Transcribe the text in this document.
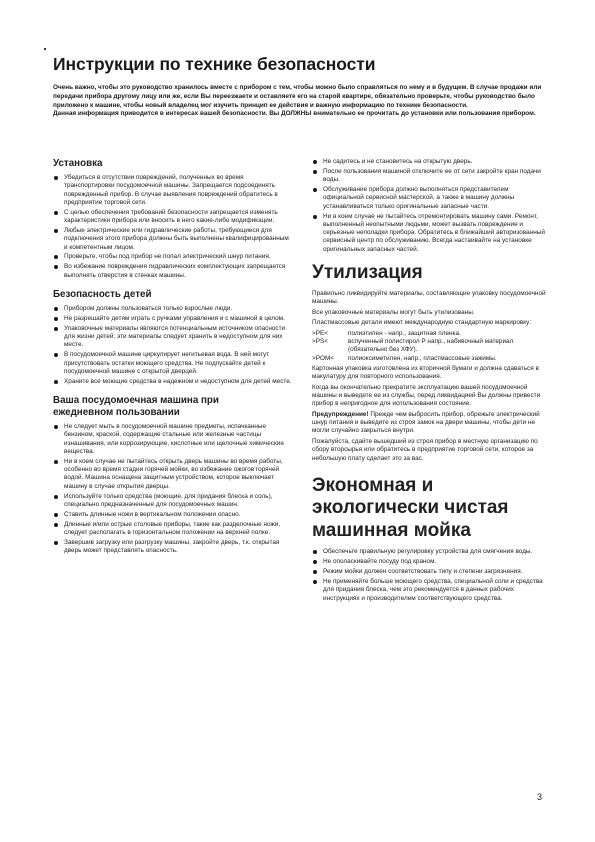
Инструкции по технике безопасности

Очень важно, чтобы это руководство хранилось вместе с прибором с тем, чтобы можно было справляться по нему и в будущем. В случае продажи или передачи прибора другому лицу или же, если Вы переезжаете и оставляете его на старой квартире, обязательно проверьте, чтобы руководство было приложено к машине, чтобы новый владелец мог изучить принцип ее действия и важную информацию по технике безопасности.

Данная информация приводится в интересах вашей безопасности. Вы ДОЛЖНЫ внимательно ее прочитать до установки или пользования прибором.

Установка
Убедиться в отсутствии повреждений, полученных во время транспортировки посудомоечной машины. Запрещается подсоединять поврежденный прибор. В случае выявления повреждений обратитесь в предприятие торговой сети.
С целью обеспечения требований безопасности запрещается изменять характеристики прибора или вносить в него какие-либо модификации.
Любые электрические или гидравлические работы, требующиеся для подключения этого прибора должны быть выполнены квалифицированным и компетентным лицом.
Проверьте, чтобы под прибор не попал электрический шнур питания.
Во избежание повреждения гидравлических комплектующих запрещается выполнять отверстия в стенках машины.
Безопасность детей
Прибором должны пользоваться только взрослые люди.
Не разрешайте детям играть с ручками управления и с машиной в целом.
Упаковочные материалы являются потенциальным источником опасности для жизни детей: эти материалы следует хранить в недоступном для них месте.
В посудомоечной машине циркулирует негитьевая вода. В ней могут присутствовать остатки моющего средства. Не подпускайте детей к посудомоечной машине с открытой дверцей.
Храните все моющие средства в надежном и недоступном для детей месте.
Ваша посудомоечная машина при
ежедневном пользовании
Не следует мыть в посудомоечной машине предметы, испачканные бензином, краской, содержащие стальные или железные частицы изнашивания, или коррозирующие, кислотные или щелочные химические вещества.
Ни в коем случае не пытайтесь открыть дверь машины во время работы, особенно во время стадии горячей мойки, во избежание ожогов горячей водой. Машина оснащена защитным устройством, которое выключает машину в случае открытия дверцы.
Используйте только средства (моющие, для придания блеска и соль), специально предназначенные для посудомоечных машин.
Ставить длинные ножи в вертикальном положении опасно.
Длинные и/или острые столовые приборы, такие как разделочные ножи, следует располагать в горизонтальном положении на верхней полке.
Завершив загрузку или разгрузку машины, закройте дверь, т.к. открытая дверь может представлять опасность.
Не садитесь и не становитесь на открытую дверь.
После пользования машиной отключите ее от сети закройте кран подачи воды.
Обслуживание прибора должно выполняться представителем официальной сервисной мастерской, а также в машину должны устанавливаться только оригинальные запасные части.
Ни в коем случае не пытайтесь отремонтировать машину сами. Ремонт, выполненный неопытными людьми, может вызвать повреждение и серьезные неполадки прибора. Обратитесь в ближайший авторизованный сервисный центр по обслуживанию. Всегда настаивайте на установке оригинальных запасных частей.
Утилизация

Правильно ликвидируйте материалы, составляющие упаковку посудомоечной машины.

Все упаковочные материалы могут быть утилизованы.

Пластмассовые детали имеют международную стандартную маркировку:

>PE<	полиэтилен - напр., защитная пленка.
>PS<	вспученный полистирол Р напр., набивочный материал (обязательно без ХФУ).
>POM<	полиоксиметилен, напр., пластмассовые зажимы.

Картонная упаковка изготовлена из вторичной бумаги и должна сдаваться в макулатуру для повторного использования.

Когда вы окончательно прекратите эксплуатацию вашей посудомоечной машины и выведете ее из службы, перед ликвидацией Вы должны привести прибор в непригодное для использования состояние.

Предупреждение! Прежде чем выбросить прибор, обрежьте электрический шнур питания и выведите из строя замок на двери машины, чтобы дети не могли случайно закрыться внутри.

Пожалуйста, сдайте вышедший из строя прибор в местную организацию по сбору вторсырья или обратитесь в предприятие торговой сети, которое за небольшую плату сделает это за вас.

Экономная и
экологически чистая
машинная мойка
Обеспечьте правильную регулировку устройства для смягчения воды.
Не ополаскивайте посуду под краном.
Режим мойки должен соответствовать типу и степени загрязнения.
Не применяйте больше моющего средства, специальной соли и средства для придания блеска, чем это рекомендуется в данных рабочих инструкциях и производителем соответствующего средства.
3
